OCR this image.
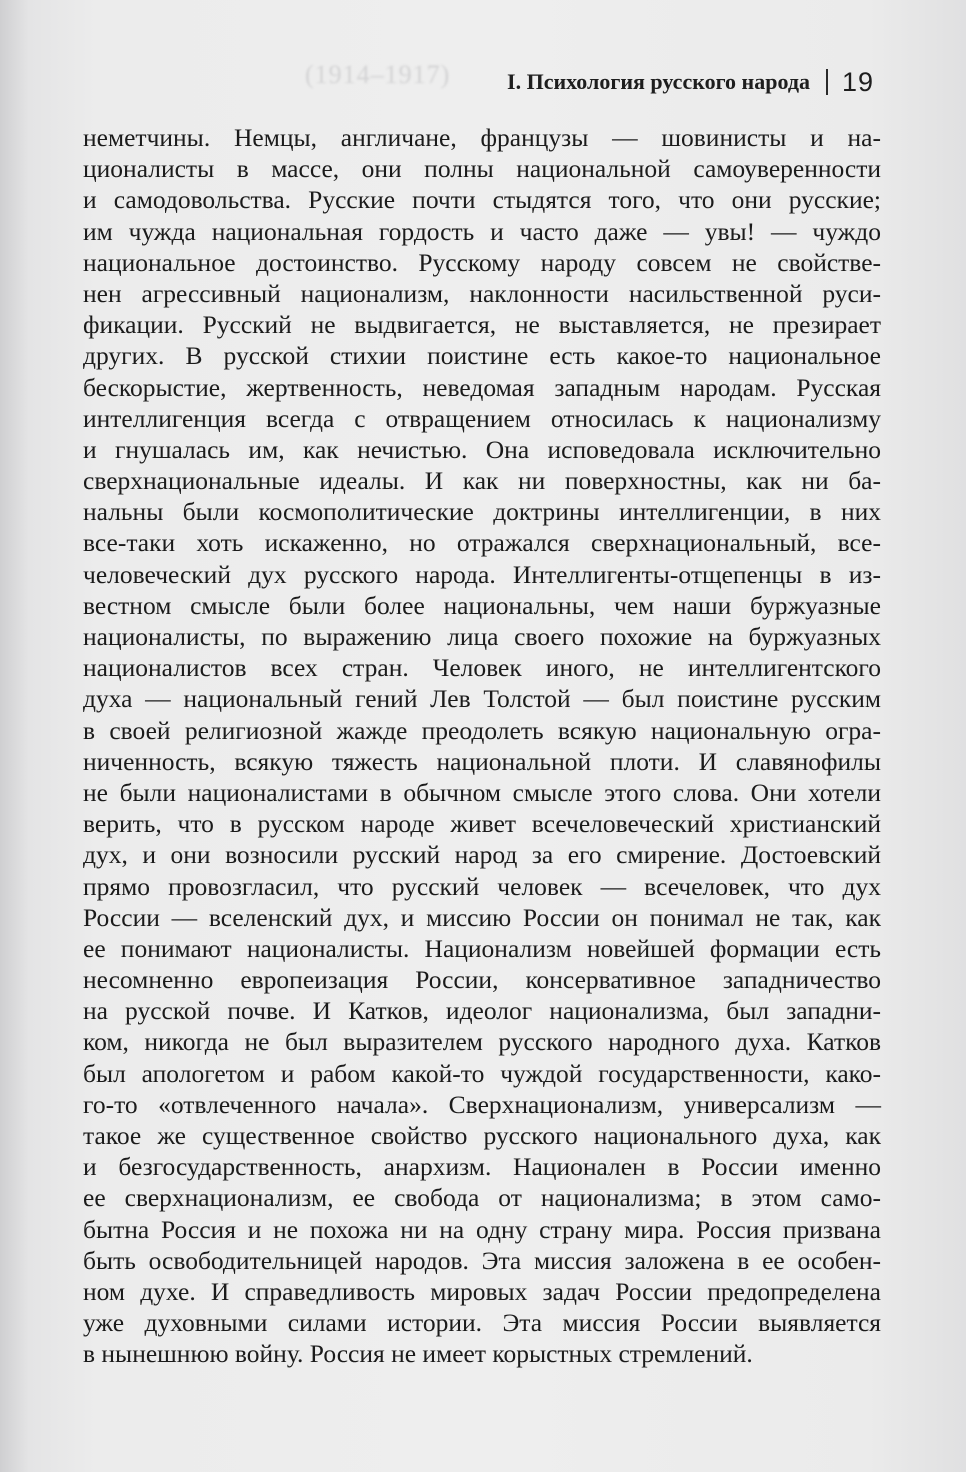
(1914–1917)	I. Психология русского народа 19
неметчины. Немцы, англичане, французы — шовинисты и на-
ционалисты в массе, они полны национальной самоуверенности
и самодовольства. Русские почти стыдятся того, что они русские;
им чужда национальная гордость и часто даже — увы! — чуждо
национальное достоинство. Русскому народу совсем не свойстве-
нен агрессивный национализм, наклонности насильственной руси-
фикации. Русский не выдвигается, не выставляется, не презирает
других. В русской стихии поистине есть какое-то национальное
бескорыстие, жертвенность, неведомая западным народам. Русская
интеллигенция всегда с отвращением относилась к национализму
и гнушалась им, как нечистью. Она исповедовала исключительно
сверхнациональные идеалы. И как ни поверхностны, как ни ба-
нальны были космополитические доктрины интеллигенции, в них
все-таки хоть искаженно, но отражался сверхнациональный, все-
человеческий дух русского народа. Интеллигенты-отщепенцы в из-
вестном смысле были более национальны, чем наши буржуазные
националисты, по выражению лица своего похожие на буржуазных
националистов всех стран. Человек иного, не интеллигентского
духа — национальный гений Лев Толстой — был поистине русским
в своей религиозной жажде преодолеть всякую национальную огра-
ниченность, всякую тяжесть национальной плоти. И славянофилы
не были националистами в обычном смысле этого слова. Они хотели
верить, что в русском народе живет всечеловеческий христианский
дух, и они возносили русский народ за его смирение. Достоевский
прямо провозгласил, что русский человек — всечеловек, что дух
России — вселенский дух, и миссию России он понимал не так, как
ее понимают националисты. Национализм новейшей формации есть
несомненно европеизация России, консервативное западничество
на русской почве. И Катков, идеолог национализма, был западни-
ком, никогда не был выразителем русского народного духа. Катков
был апологетом и рабом какой-то чуждой государственности, како-
го-то «отвлеченного начала». Сверхнационализм, универсализм —
такое же существенное свойство русского национального духа, как
и безгосударственность, анархизм. Национален в России именно
ее сверхнационализм, ее свобода от национализма; в этом само-
бытна Россия и не похожа ни на одну страну мира. Россия призвана
быть освободительницей народов. Эта миссия заложена в ее особен-
ном духе. И справедливость мировых задач России предопределена
уже духовными силами истории. Эта миссия России выявляется
в нынешнюю войну. Россия не имеет корыстных стремлений.
